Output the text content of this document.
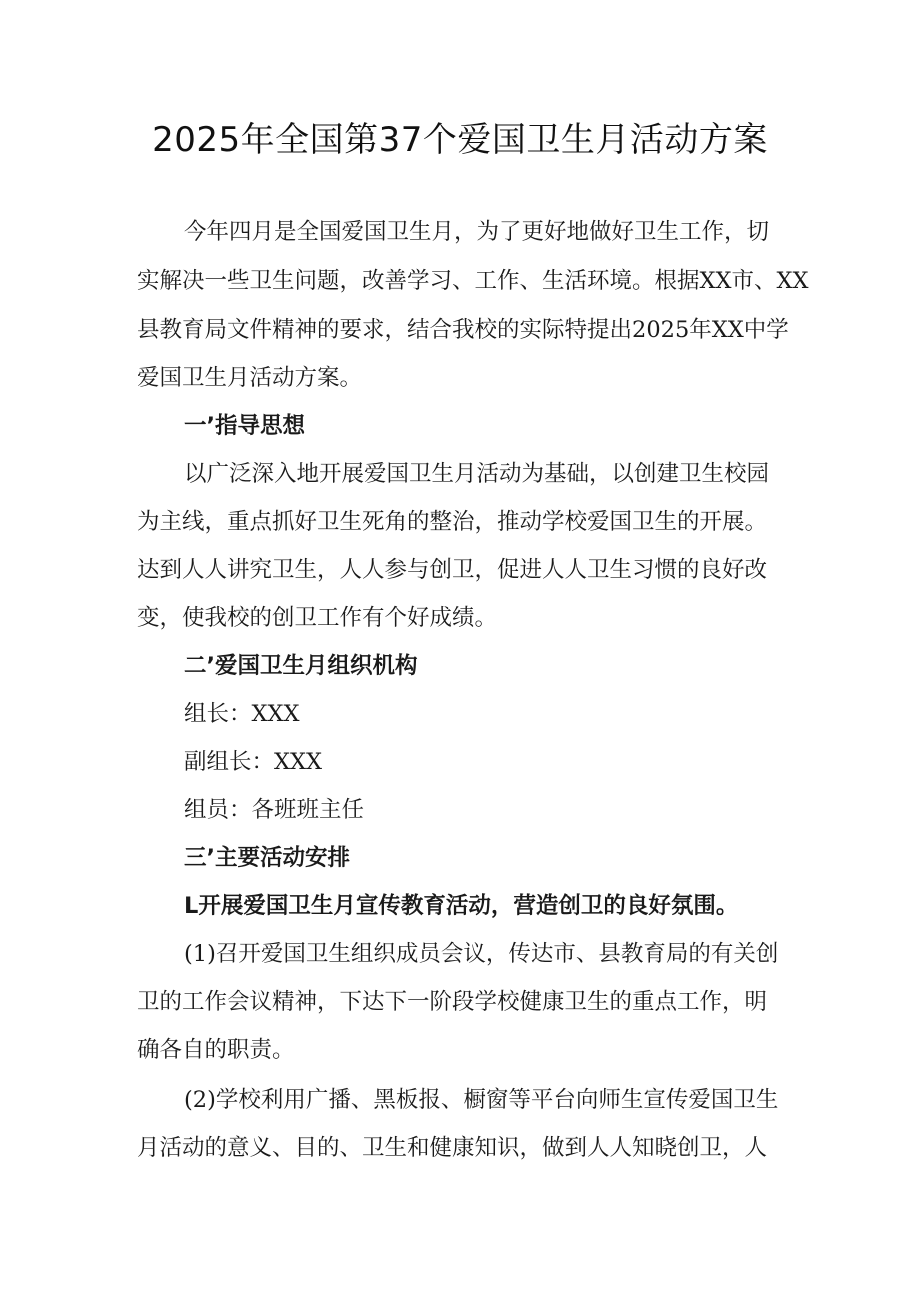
2025年全国第37个爱国卫生月活动方案

今年四月是全国爱国卫生月，为了更好地做好卫生工作，切

实解决一些卫生问题，改善学习、工作、生活环境。根据XX市、XX

县教育局文件精神的要求，结合我校的实际特提出2025年XX中学

爱国卫生月活动方案。

一’指导思想

以广泛深入地开展爱国卫生月活动为基础，以创建卫生校园

为主线，重点抓好卫生死角的整治，推动学校爱国卫生的开展。

达到人人讲究卫生，人人参与创卫，促进人人卫生习惯的良好改

变，使我校的创卫工作有个好成绩。

二’爱国卫生月组织机构

组长：XXX

副组长：XXX

组员：各班班主任

三’主要活动安排

L开展爱国卫生月宣传教育活动，营造创卫的良好氛围。

(1)召开爱国卫生组织成员会议，传达市、县教育局的有关创

卫的工作会议精神，下达下一阶段学校健康卫生的重点工作，明

确各自的职责。

(2)学校利用广播、黑板报、橱窗等平台向师生宣传爱国卫生

月活动的意义、目的、卫生和健康知识，做到人人知晓创卫，人
